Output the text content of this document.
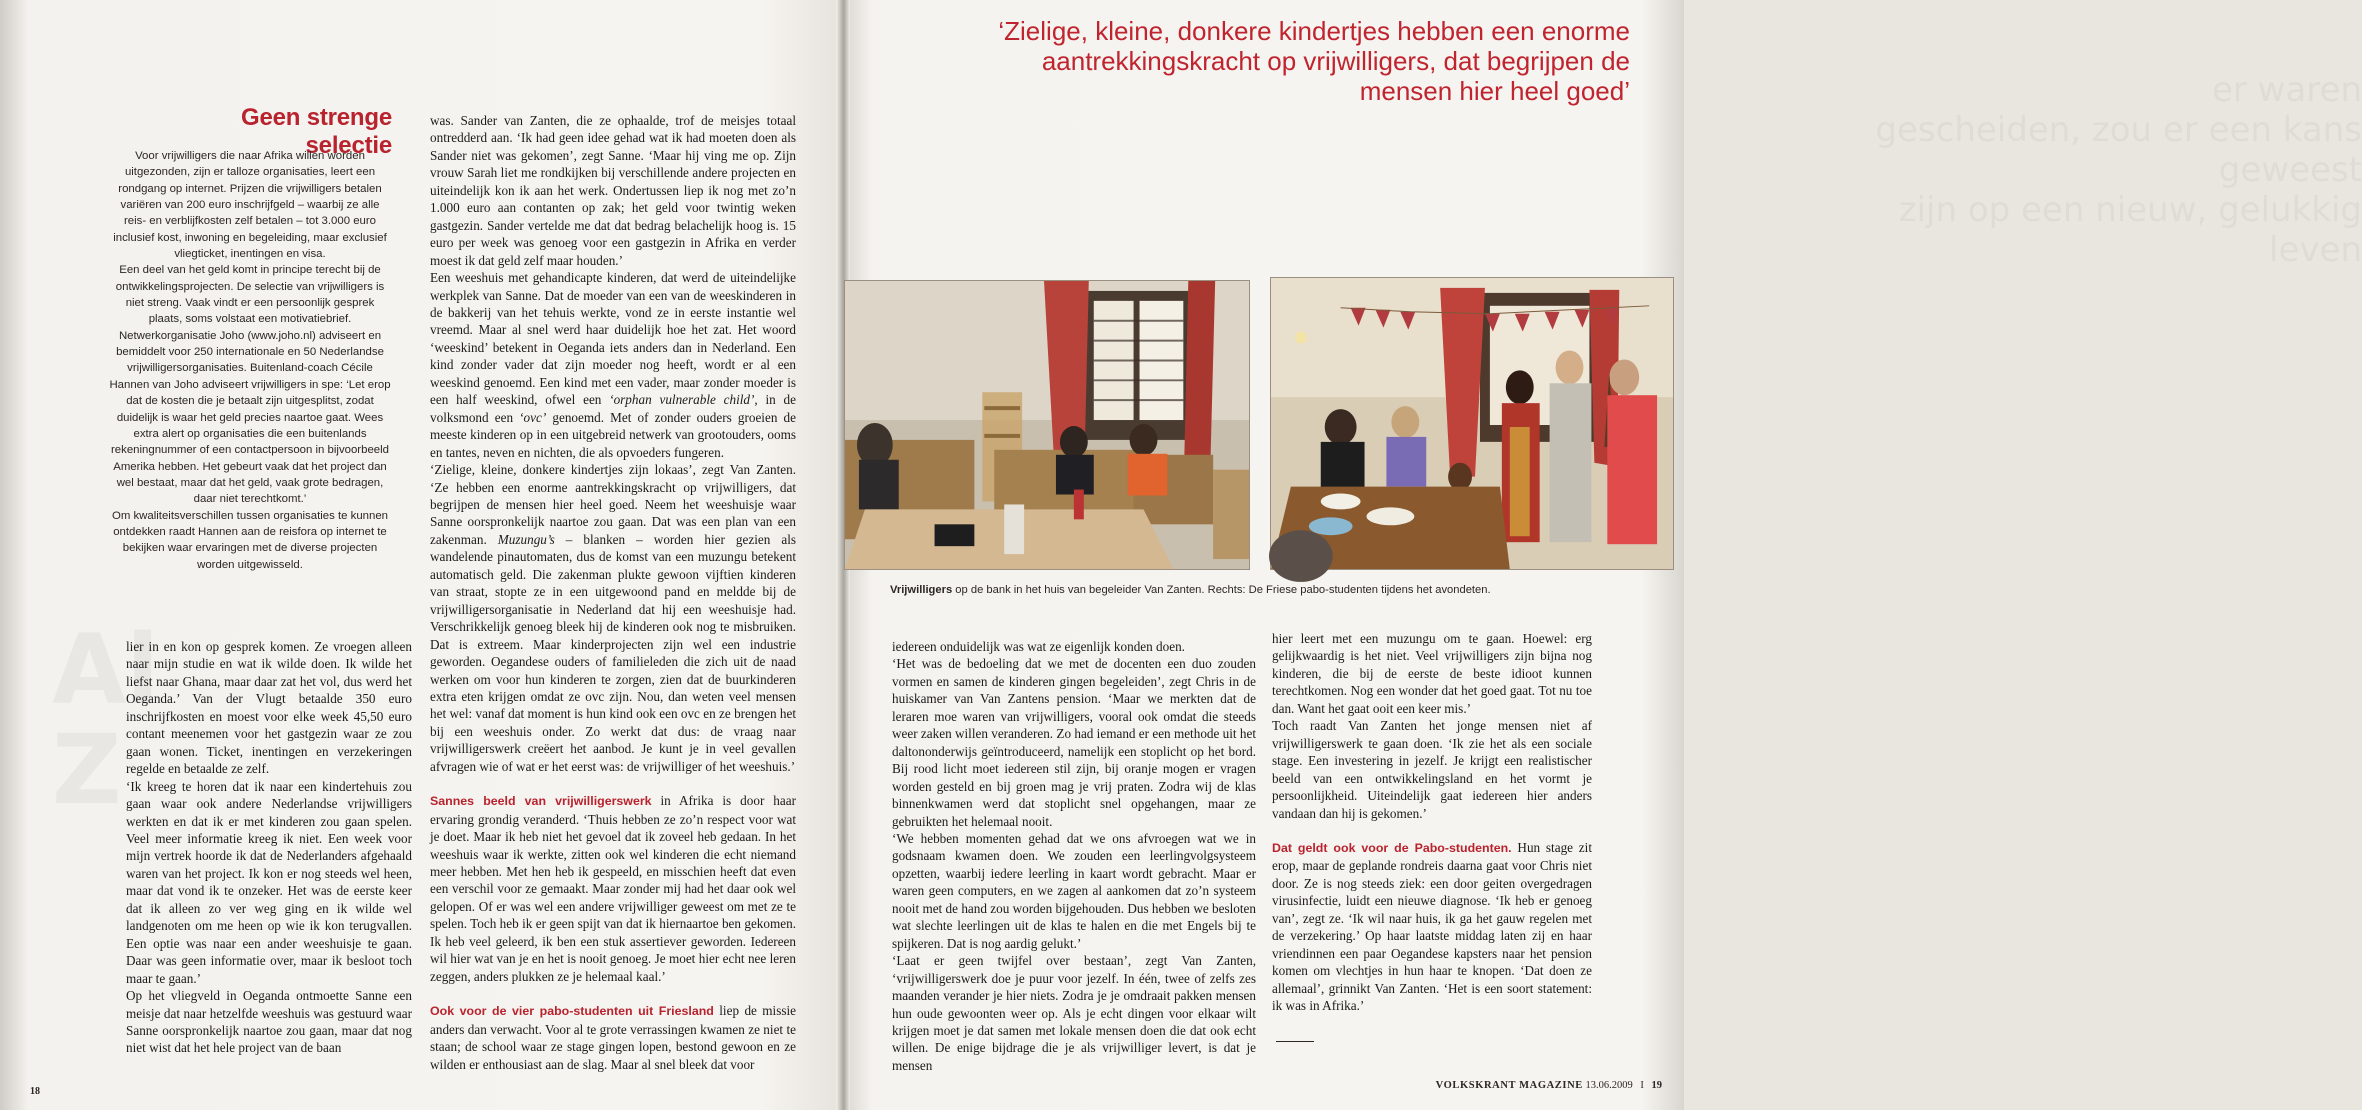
Al
Z
Geen strenge selectie

Voor vrijwilligers die naar Afrika willen worden uitgezonden, zijn er talloze organisaties, leert een rondgang op internet. Prijzen die vrijwilligers betalen variëren van 200 euro inschrijfgeld – waarbij ze alle reis- en verblijfkosten zelf betalen – tot 3.000 euro inclusief kost, inwoning en begeleiding, maar exclusief vliegticket, inentingen en visa.

Een deel van het geld komt in principe terecht bij de ontwikkelingsprojecten. De selectie van vrijwilligers is niet streng. Vaak vindt er een persoonlijk gesprek plaats, soms volstaat een motivatiebrief. Netwerkorganisatie Joho (www.joho.nl) adviseert en bemiddelt voor 250 internationale en 50 Nederlandse vrijwilligersorganisaties. Buitenland-coach Cécile Hannen van Joho adviseert vrijwilligers in spe: ‘Let erop dat de kosten die je betaalt zijn uitgesplitst, zodat duidelijk is waar het geld precies naartoe gaat. Wees extra alert op organisaties die een buitenlands rekeningnummer of een contactpersoon in bijvoorbeeld Amerika hebben. Het gebeurt vaak dat het project dan wel bestaat, maar dat het geld, vaak grote bedragen, daar niet terechtkomt.’

Om kwaliteitsverschillen tussen organisaties te kunnen ontdekken raadt Hannen aan de reisfora op internet te bekijken waar ervaringen met de diverse projecten worden uitgewisseld.

was. Sander van Zanten, die ze ophaalde, trof de meisjes totaal ontredderd aan. ‘Ik had geen idee gehad wat ik had moeten doen als Sander niet was gekomen’, zegt Sanne. ‘Maar hij ving me op. Zijn vrouw Sarah liet me rondkijken bij verschillende andere projecten en uiteindelijk kon ik aan het werk. Ondertussen liep ik nog met zo’n 1.000 euro aan contanten op zak; het geld voor twintig weken gastgezin. Sander vertelde me dat dat bedrag belachelijk hoog is. 15 euro per week was genoeg voor een gastgezin in Afrika en verder moest ik dat geld zelf maar houden.’

Een weeshuis met gehandicapte kinderen, dat werd de uiteindelijke werkplek van Sanne. Dat de moeder van een van de weeskinderen in de bakkerij van het tehuis werkte, vond ze in eerste instantie wel vreemd. Maar al snel werd haar duidelijk hoe het zat. Het woord ‘weeskind’ betekent in Oeganda iets anders dan in Nederland. Een kind zonder vader dat zijn moeder nog heeft, wordt er al een weeskind genoemd. Een kind met een vader, maar zonder moeder is een half weeskind, ofwel een ‘orphan vulnerable child’, in de volksmond een ‘ovc’ genoemd. Met of zonder ouders groeien de meeste kinderen op in een uitgebreid netwerk van grootouders, ooms en tantes, neven en nichten, die als opvoeders fungeren.

‘Zielige, kleine, donkere kindertjes zijn lokaas’, zegt Van Zanten. ‘Ze hebben een enorme aantrekkingskracht op vrijwilligers, dat begrijpen de mensen hier heel goed. Neem het weeshuisje waar Sanne oorspronkelijk naartoe zou gaan. Dat was een plan van een zakenman. Muzungu’s – blanken – worden hier gezien als wandelende pinautomaten, dus de komst van een muzungu betekent automatisch geld. Die zakenman plukte gewoon vijftien kinderen van straat, stopte ze in een uitgewoond pand en meldde bij de vrijwilligersorganisatie in Nederland dat hij een weeshuisje had. Verschrikkelijk genoeg bleek hij de kinderen ook nog te misbruiken. Dat is extreem. Maar kinderprojecten zijn wel een industrie geworden. Oegandese ouders of familieleden die zich uit de naad werken om voor hun kinderen te zorgen, zien dat de buurkinderen extra eten krijgen omdat ze ovc zijn. Nou, dan weten veel mensen het wel: vanaf dat moment is hun kind ook een ovc en ze brengen het bij een weeshuis onder. Zo werkt dat dus: de vraag naar vrijwilligerswerk creëert het aanbod. Je kunt je in veel gevallen afvragen wie of wat er het eerst was: de vrijwilliger of het weeshuis.’

Sannes beeld van vrijwilligerswerk in Afrika is door haar ervaring grondig veranderd. ‘Thuis hebben ze zo’n respect voor wat je doet. Maar ik heb niet het gevoel dat ik zoveel heb gedaan. In het weeshuis waar ik werkte, zitten ook wel kinderen die echt niemand meer hebben. Met hen heb ik gespeeld, en misschien heeft dat even een verschil voor ze gemaakt. Maar zonder mij had het daar ook wel gelopen. Of er was wel een andere vrijwilliger geweest om met ze te spelen. Toch heb ik er geen spijt van dat ik hiernaartoe ben gekomen. Ik heb veel geleerd, ik ben een stuk assertiever geworden. Iedereen wil hier wat van je en het is nooit genoeg. Je moet hier echt nee leren zeggen, anders plukken ze je helemaal kaal.’

Ook voor de vier pabo-studenten uit Friesland liep de missie anders dan verwacht. Voor al te grote verrassingen kwamen ze niet te staan; de school waar ze stage gingen lopen, bestond gewoon en ze wilden er enthousiast aan de slag. Maar al snel bleek dat voor

lier in en kon op gesprek komen. Ze vroegen alleen naar mijn studie en wat ik wilde doen. Ik wilde het liefst naar Ghana, maar daar zat het vol, dus werd het Oeganda.’ Van der Vlugt betaalde 350 euro inschrijfkosten en moest voor elke week 45,50 euro contant meenemen voor het gastgezin waar ze zou gaan wonen. Ticket, inentingen en verzekeringen regelde en betaalde ze zelf.

‘Ik kreeg te horen dat ik naar een kindertehuis zou gaan waar ook andere Nederlandse vrijwilligers werkten en dat ik er met kinderen zou gaan spelen. Veel meer informatie kreeg ik niet. Een week voor mijn vertrek hoorde ik dat de Nederlanders afgehaald waren van het project. Ik kon er nog steeds wel heen, maar dat vond ik te onzeker. Het was de eerste keer dat ik alleen zo ver weg ging en ik wilde wel landgenoten om me heen op wie ik kon terugvallen. Een optie was naar een ander weeshuisje te gaan. Daar was geen informatie over, maar ik besloot toch maar te gaan.’

Op het vliegveld in Oeganda ontmoette Sanne een meisje dat naar hetzelfde weeshuis was gestuurd waar Sanne oorspronkelijk naartoe zou gaan, maar dat nog niet wist dat het hele project van de baan

18
er waren
gescheiden, zou er een kans geweest
zijn op een nieuw, gelukkig leven
‘Zielige, kleine, donkere kindertjes hebben een enorme aantrekkingskracht op vrijwilligers, dat begrijpen de mensen hier heel goed’
Vrijwilligers op de bank in het huis van begeleider Van Zanten. Rechts: De Friese pabo-studenten tijdens het avondeten.

iedereen onduidelijk was wat ze eigenlijk konden doen.

‘Het was de bedoeling dat we met de docenten een duo zouden vormen en samen de kinderen gingen begeleiden’, zegt Chris in de huiskamer van Van Zantens pension. ‘Maar we merkten dat de leraren moe waren van vrijwilligers, vooral ook omdat die steeds weer zaken willen veranderen. Zo had iemand er een methode uit het daltononderwijs geïntroduceerd, namelijk een stoplicht op het bord. Bij rood licht moet iedereen stil zijn, bij oranje mogen er vragen worden gesteld en bij groen mag je vrij praten. Zodra wij de klas binnenkwamen werd dat stoplicht snel opgehangen, maar ze gebruikten het helemaal nooit.

‘We hebben momenten gehad dat we ons afvroegen wat we in godsnaam kwamen doen. We zouden een leerlingvolgsysteem opzetten, waarbij iedere leerling in kaart wordt gebracht. Maar er waren geen computers, en we zagen al aankomen dat zo’n systeem nooit met de hand zou worden bijgehouden. Dus hebben we besloten wat slechte leerlingen uit de klas te halen en die met Engels bij te spijkeren. Dat is nog aardig gelukt.’

‘Laat er geen twijfel over bestaan’, zegt Van Zanten, ‘vrijwilligerswerk doe je puur voor jezelf. In één, twee of zelfs zes maanden verander je hier niets. Zodra je je omdraait pakken mensen hun oude gewoonten weer op. Als je echt dingen voor elkaar wilt krijgen moet je dat samen met lokale mensen doen die dat ook echt willen. De enige bijdrage die je als vrijwilliger levert, is dat je mensen

hier leert met een muzungu om te gaan. Hoewel: erg gelijkwaardig is het niet. Veel vrijwilligers zijn bijna nog kinderen, die bij de eerste de beste idioot kunnen terechtkomen. Nog een wonder dat het goed gaat. Tot nu toe dan. Want het gaat ooit een keer mis.’

Toch raadt Van Zanten het jonge mensen niet af vrijwilligerswerk te gaan doen. ‘Ik zie het als een sociale stage. Een investering in jezelf. Je krijgt een realistischer beeld van een ontwikkelingsland en het vormt je persoonlijkheid. Uiteindelijk gaat iedereen hier anders vandaan dan hij is gekomen.’

Dat geldt ook voor de Pabo-studenten. Hun stage zit erop, maar de geplande rondreis daarna gaat voor Chris niet door. Ze is nog steeds ziek: een door geiten overgedragen virusinfectie, luidt een nieuwe diagnose. ‘Ik heb er genoeg van’, zegt ze. ‘Ik wil naar huis, ik ga het gauw regelen met de verzekering.’ Op haar laatste middag laten zij en haar vriendinnen een paar Oegandese kapsters naar het pension komen om vlechtjes in hun haar te knopen. ‘Dat doen ze allemaal’, grinnikt Van Zanten. ‘Het is een soort statement: ik was in Afrika.’

VOLKSKRANT MAGAZINE 13.06.2009 I 19
